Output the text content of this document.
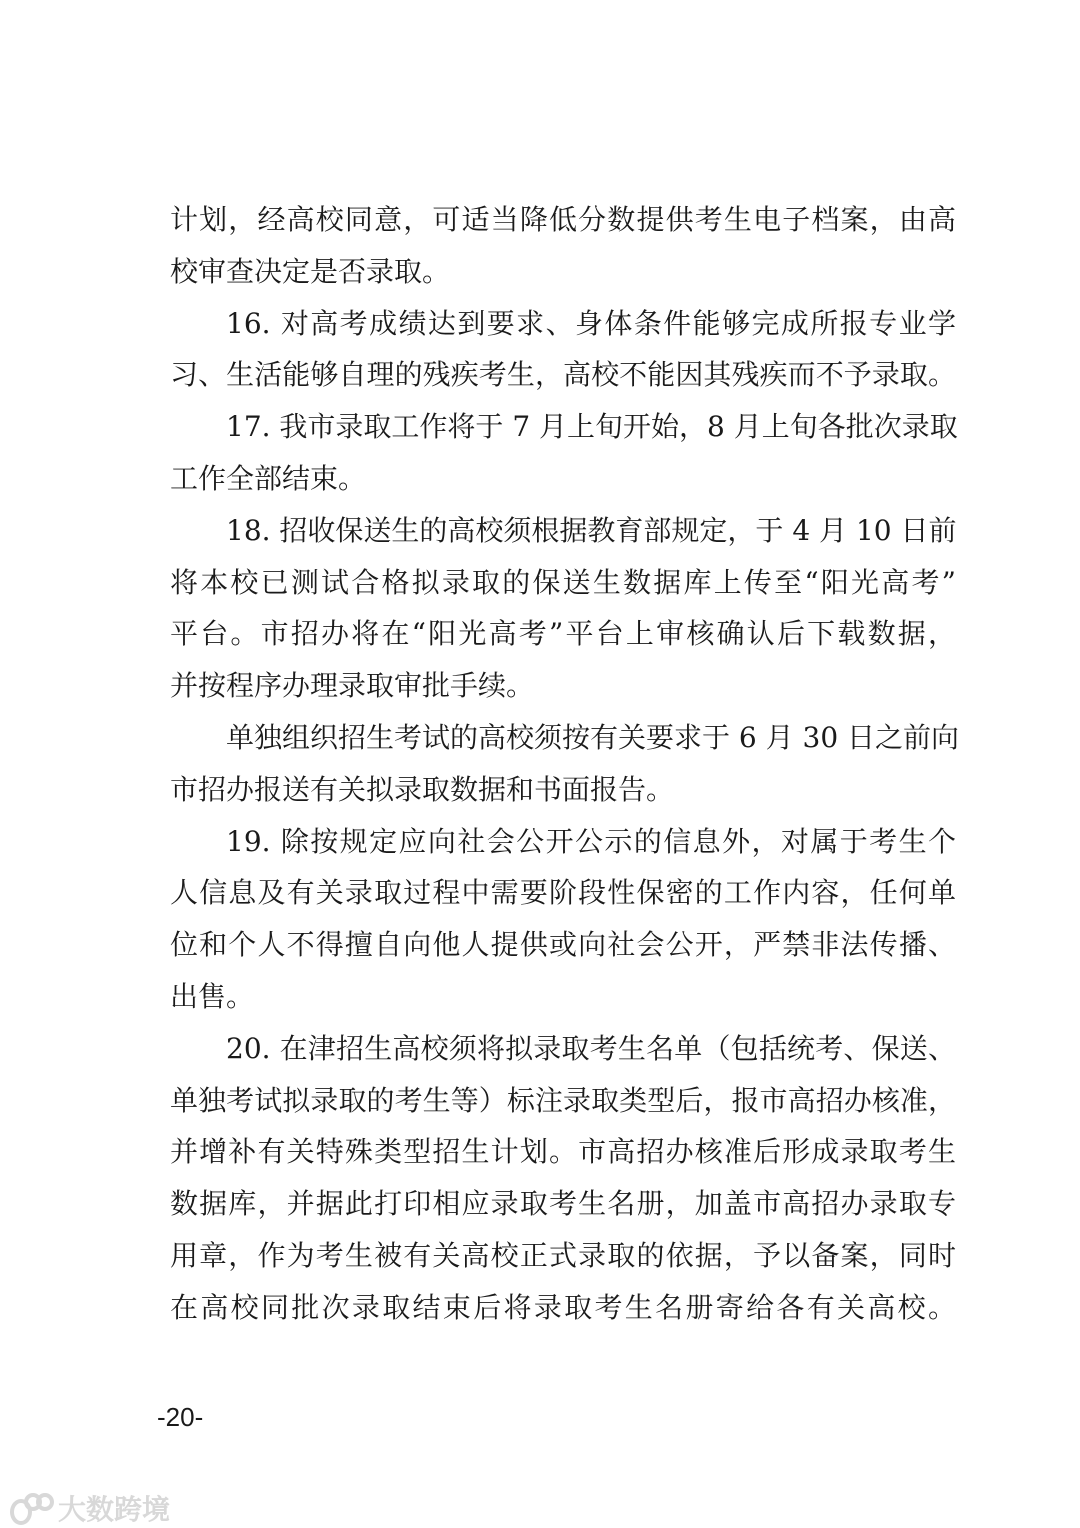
计划，经高校同意，可适当降低分数提供考生电子档案，由高
校审查决定是否录取。
16. 对高考成绩达到要求、身体条件能够完成所报专业学
习、生活能够自理的残疾考生，高校不能因其残疾而不予录取。
17. 我市录取工作将于 7 月上旬开始，8 月上旬各批次录取
工作全部结束。
18. 招收保送生的高校须根据教育部规定，于 4 月 10 日前
将本校已测试合格拟录取的保送生数据库上传至“阳光高考”
平台。市招办将在“阳光高考”平台上审核确认后下载数据，
并按程序办理录取审批手续。
单独组织招生考试的高校须按有关要求于 6 月 30 日之前向
市招办报送有关拟录取数据和书面报告。
19. 除按规定应向社会公开公示的信息外，对属于考生个
人信息及有关录取过程中需要阶段性保密的工作内容，任何单
位和个人不得擅自向他人提供或向社会公开，严禁非法传播、
出售。
20. 在津招生高校须将拟录取考生名单（包括统考、保送、
单独考试拟录取的考生等）标注录取类型后，报市高招办核准，
并增补有关特殊类型招生计划。市高招办核准后形成录取考生
数据库，并据此打印相应录取考生名册，加盖市高招办录取专
用章，作为考生被有关高校正式录取的依据，予以备案，同时
在高校同批次录取结束后将录取考生名册寄给各有关高校。
-20-
大数跨境
